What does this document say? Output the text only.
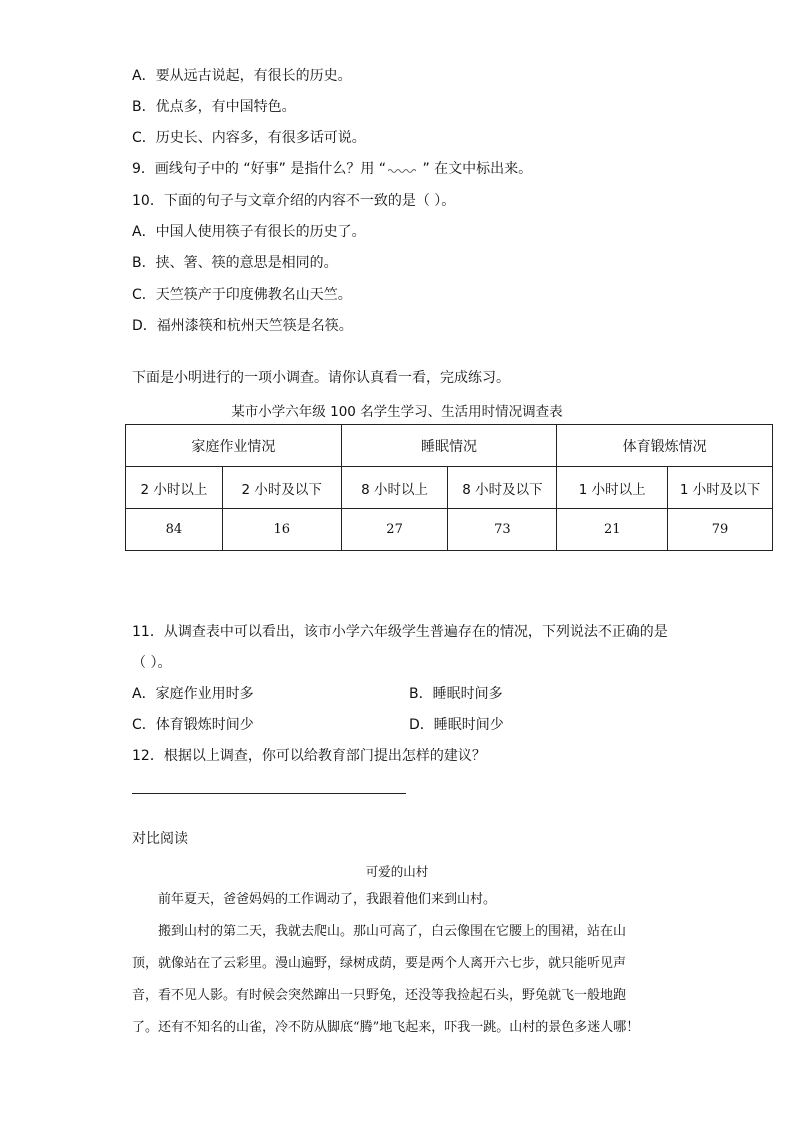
A．要从远古说起，有很长的历史。
B．优点多，有中国特色。
C．历史长、内容多，有很多话可说。
9．画线句子中的 “好事” 是指什么？用 “ ” 在文中标出来。
10．下面的句子与文章介绍的内容不一致的是（ ）。
A．中国人使用筷子有很长的历史了。
B．挟、箸、筷的意思是相同的。
C．天竺筷产于印度佛教名山天竺。
D．福州漆筷和杭州天竺筷是名筷。
下面是小明进行的一项小调查。请你认真看一看，完成练习。
某市小学六年级 100 名学生学习、生活用时情况调查表
家庭作业情况		睡眠情况		体育锻炼情况	
2 小时以上	2 小时及以下	8 小时以上	8 小时及以下	1 小时以上	1 小时及以下
84	16	27	73	21	79
11．从调查表中可以看出，该市小学六年级学生普遍存在的情况，下列说法不正确的是
（ ）。
A．家庭作业用时多	B．睡眠时间多
C．体育锻炼时间少	D．睡眠时间少
12．根据以上调查，你可以给教育部门提出怎样的建议？
对比阅读
可爱的山村
　　前年夏天，爸爸妈妈的工作调动了，我跟着他们来到山村。
　　搬到山村的第二天，我就去爬山。那山可高了，白云像围在它腰上的围裙，站在山
顶，就像站在了云彩里。漫山遍野，绿树成荫，要是两个人离开六七步，就只能听见声
音，看不见人影。有时候会突然蹿出一只野兔，还没等我捡起石头，野兔就飞一般地跑
了。还有不知名的山雀，冷不防从脚底“腾”地飞起来，吓我一跳。山村的景色多迷人哪！
